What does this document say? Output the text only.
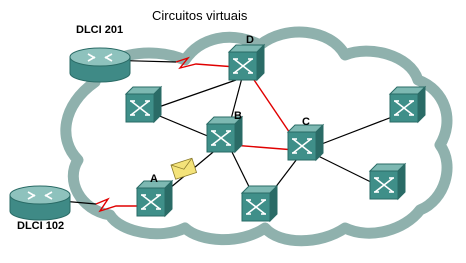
Circuitos virtuais
DLCI 201
DLCI 102
D
B	C
A
